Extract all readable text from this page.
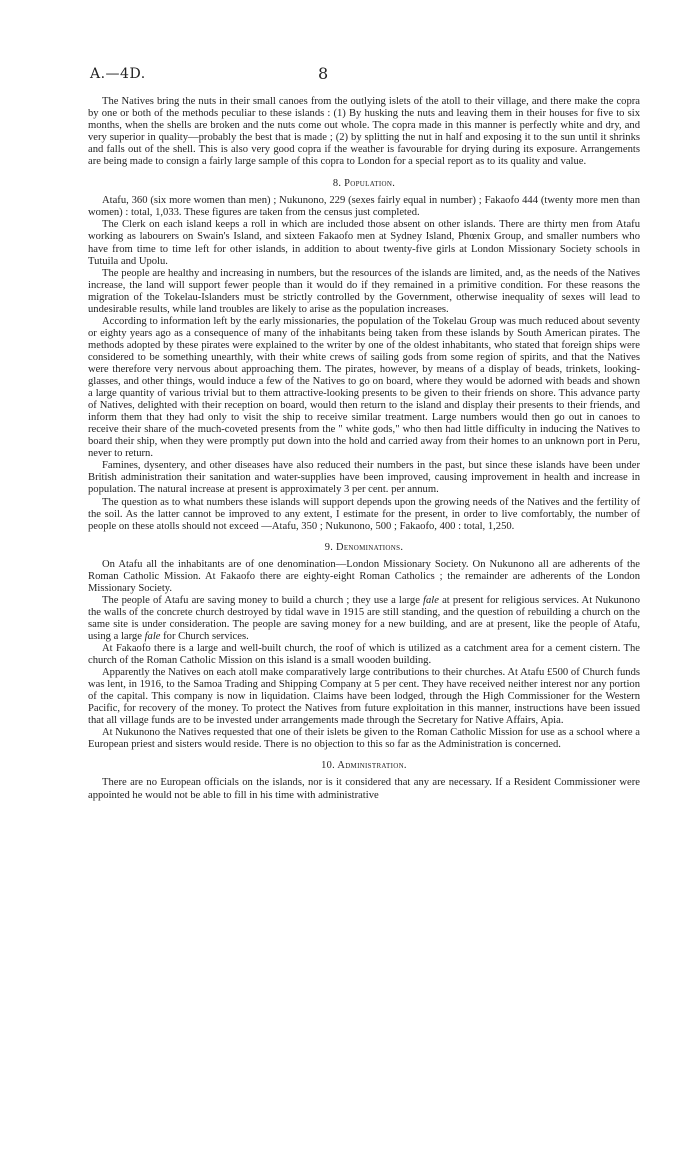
A.—4D.	8

The Natives bring the nuts in their small canoes from the outlying islets of the atoll to their village, and there make the copra by one or both of the methods peculiar to these islands : (1) By husking the nuts and leaving them in their houses for five to six months, when the shells are broken and the nuts come out whole. The copra made in this manner is perfectly white and dry, and very superior in quality—probably the best that is made ; (2) by splitting the nut in half and exposing it to the sun until it shrinks and falls out of the shell. This is also very good copra if the weather is favourable for drying during its exposure. Arrangements are being made to consign a fairly large sample of this copra to London for a special report as to its quality and value.

8. Population.

Atafu, 360 (six more women than men) ; Nukunono, 229 (sexes fairly equal in number) ; Fakaofo 444 (twenty more men than women) : total, 1,033. These figures are taken from the census just completed.

The Clerk on each island keeps a roll in which are included those absent on other islands. There are thirty men from Atafu working as labourers on Swain's Island, and sixteen Fakaofo men at Sydney Island, Phœnix Group, and smaller numbers who have from time to time left for other islands, in addition to about twenty-five girls at London Missionary Society schools in Tutuila and Upolu.

The people are healthy and increasing in numbers, but the resources of the islands are limited, and, as the needs of the Natives increase, the land will support fewer people than it would do if they remained in a primitive condition. For these reasons the migration of the Tokelau-Islanders must be strictly controlled by the Government, otherwise inequality of sexes will lead to undesirable results, while land troubles are likely to arise as the population increases.

According to information left by the early missionaries, the population of the Tokelau Group was much reduced about seventy or eighty years ago as a consequence of many of the inhabitants being taken from these islands by South American pirates. The methods adopted by these pirates were explained to the writer by one of the oldest inhabitants, who stated that foreign ships were considered to be something unearthly, with their white crews of sailing gods from some region of spirits, and that the Natives were therefore very nervous about approaching them. The pirates, however, by means of a display of beads, trinkets, looking-glasses, and other things, would induce a few of the Natives to go on board, where they would be adorned with beads and shown a large quantity of various trivial but to them attractive-looking presents to be given to their friends on shore. This advance party of Natives, delighted with their reception on board, would then return to the island and display their presents to their friends, and inform them that they had only to visit the ship to receive similar treatment. Large numbers would then go out in canoes to receive their share of the much-coveted presents from the " white gods," who then had little difficulty in inducing the Natives to board their ship, when they were promptly put down into the hold and carried away from their homes to an unknown port in Peru, never to return.

Famines, dysentery, and other diseases have also reduced their numbers in the past, but since these islands have been under British administration their sanitation and water-supplies have been improved, causing improvement in health and increase in population. The natural increase at present is approximately 3 per cent. per annum.

The question as to what numbers these islands will support depends upon the growing needs of the Natives and the fertility of the soil. As the latter cannot be improved to any extent, I estimate for the present, in order to live comfortably, the number of people on these atolls should not exceed —Atafu, 350 ; Nukunono, 500 ; Fakaofo, 400 : total, 1,250.

9. Denominations.

On Atafu all the inhabitants are of one denomination—London Missionary Society. On Nukunono all are adherents of the Roman Catholic Mission. At Fakaofo there are eighty-eight Roman Catholics ; the remainder are adherents of the London Missionary Society.

The people of Atafu are saving money to build a church ; they use a large fale at present for religious services. At Nukunono the walls of the concrete church destroyed by tidal wave in 1915 are still standing, and the question of rebuilding a church on the same site is under consideration. The people are saving money for a new building, and are at present, like the people of Atafu, using a large fale for Church services.

At Fakaofo there is a large and well-built church, the roof of which is utilized as a catchment area for a cement cistern. The church of the Roman Catholic Mission on this island is a small wooden building.

Apparently the Natives on each atoll make comparatively large contributions to their churches. At Atafu £500 of Church funds was lent, in 1916, to the Samoa Trading and Shipping Company at 5 per cent. They have received neither interest nor any portion of the capital. This company is now in liquidation. Claims have been lodged, through the High Commissioner for the Western Pacific, for recovery of the money. To protect the Natives from future exploitation in this manner, instructions have been issued that all village funds are to be invested under arrangements made through the Secretary for Native Affairs, Apia.

At Nukunono the Natives requested that one of their islets be given to the Roman Catholic Mission for use as a school where a European priest and sisters would reside. There is no objection to this so far as the Administration is concerned.

10. Administration.

There are no European officials on the islands, nor is it considered that any are necessary. If a Resident Commissioner were appointed he would not be able to fill in his time with administrative
